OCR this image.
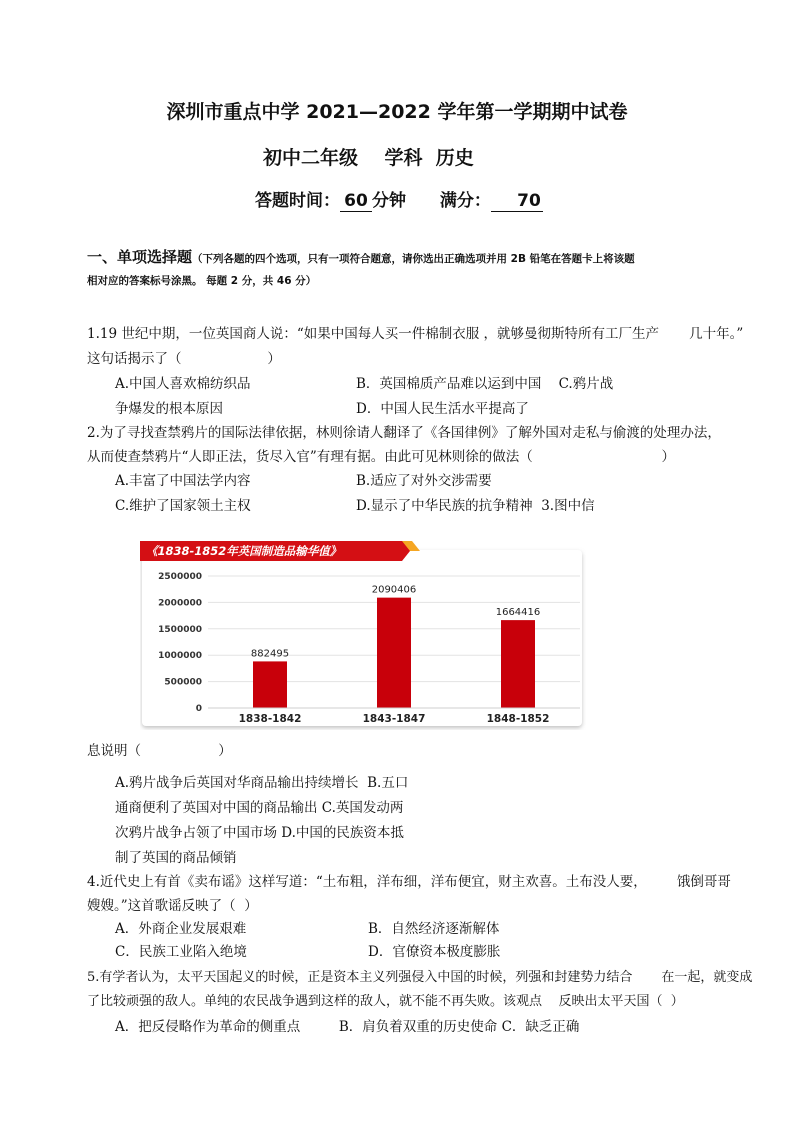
深圳市重点中学 2021—2022 学年第一学期期中试卷
初中二年级    学科  历史
答题时间： 60 分钟 满分： 70
一、单项选择题（下列各题的四个选项，只有一项符合题意，请你选出正确选项并用 2B 铅笔在答题卡上将该题
相对应的答案标号涂黑。 每题 2 分，共 46 分）
1.19 世纪中期，一位英国商人说：“如果中国每人买一件棉制衣服 ，就够曼彻斯特所有工厂生产       几十年。”
这句话揭示了（                    ）
A.中国人喜欢棉纺织品	B．英国棉质产品难以运到中国    C.鸦片战
争爆发的根本原因	D．中国人民生活水平提高了
2.为了寻找查禁鸦片的国际法律依据，林则徐请人翻译了《各国律例》了解外国对走私与偷渡的处理办法，
从而使查禁鸦片“人即正法，货尽入官”有理有据。由此可见林则徐的做法（                              ）
A.丰富了中国法学内容	B.适应了对外交涉需要
C.维护了国家领土主权	D.显示了中华民族的抗争精神  3.图中信
《1838-1852年英国制造品输华值》
0
500000
1000000
1500000
2000000
2500000
882495
1838-1842
2090406
1843-1847
1664416
1848-1852
息说明（                  ）
A.鸦片战争后英国对华商品输出持续增长  B.五口
通商便利了英国对中国的商品输出 C.英国发动两
次鸦片战争占领了中国市场 D.中国的民族资本抵
制了英国的商品倾销
4.近代史上有首《卖布谣》这样写道：“土布粗，洋布细，洋布便宜，财主欢喜。土布没人要，       饿倒哥哥
嫂嫂。”这首歌谣反映了（  ）
A．外商企业发展艰难	B．自然经济逐渐解体
C．民族工业陷入绝境	D．官僚资本极度膨胀
5.有学者认为，太平天国起义的时候，正是资本主义列强侵入中国的时候，列强和封建势力结合       在一起，就变成
了比较顽强的敌人。单纯的农民战争遇到这样的敌人，就不能不再失败。该观点    反映出太平天国（  ）
A．把反侵略作为革命的侧重点         B．肩负着双重的历史使命 C．缺乏正确
